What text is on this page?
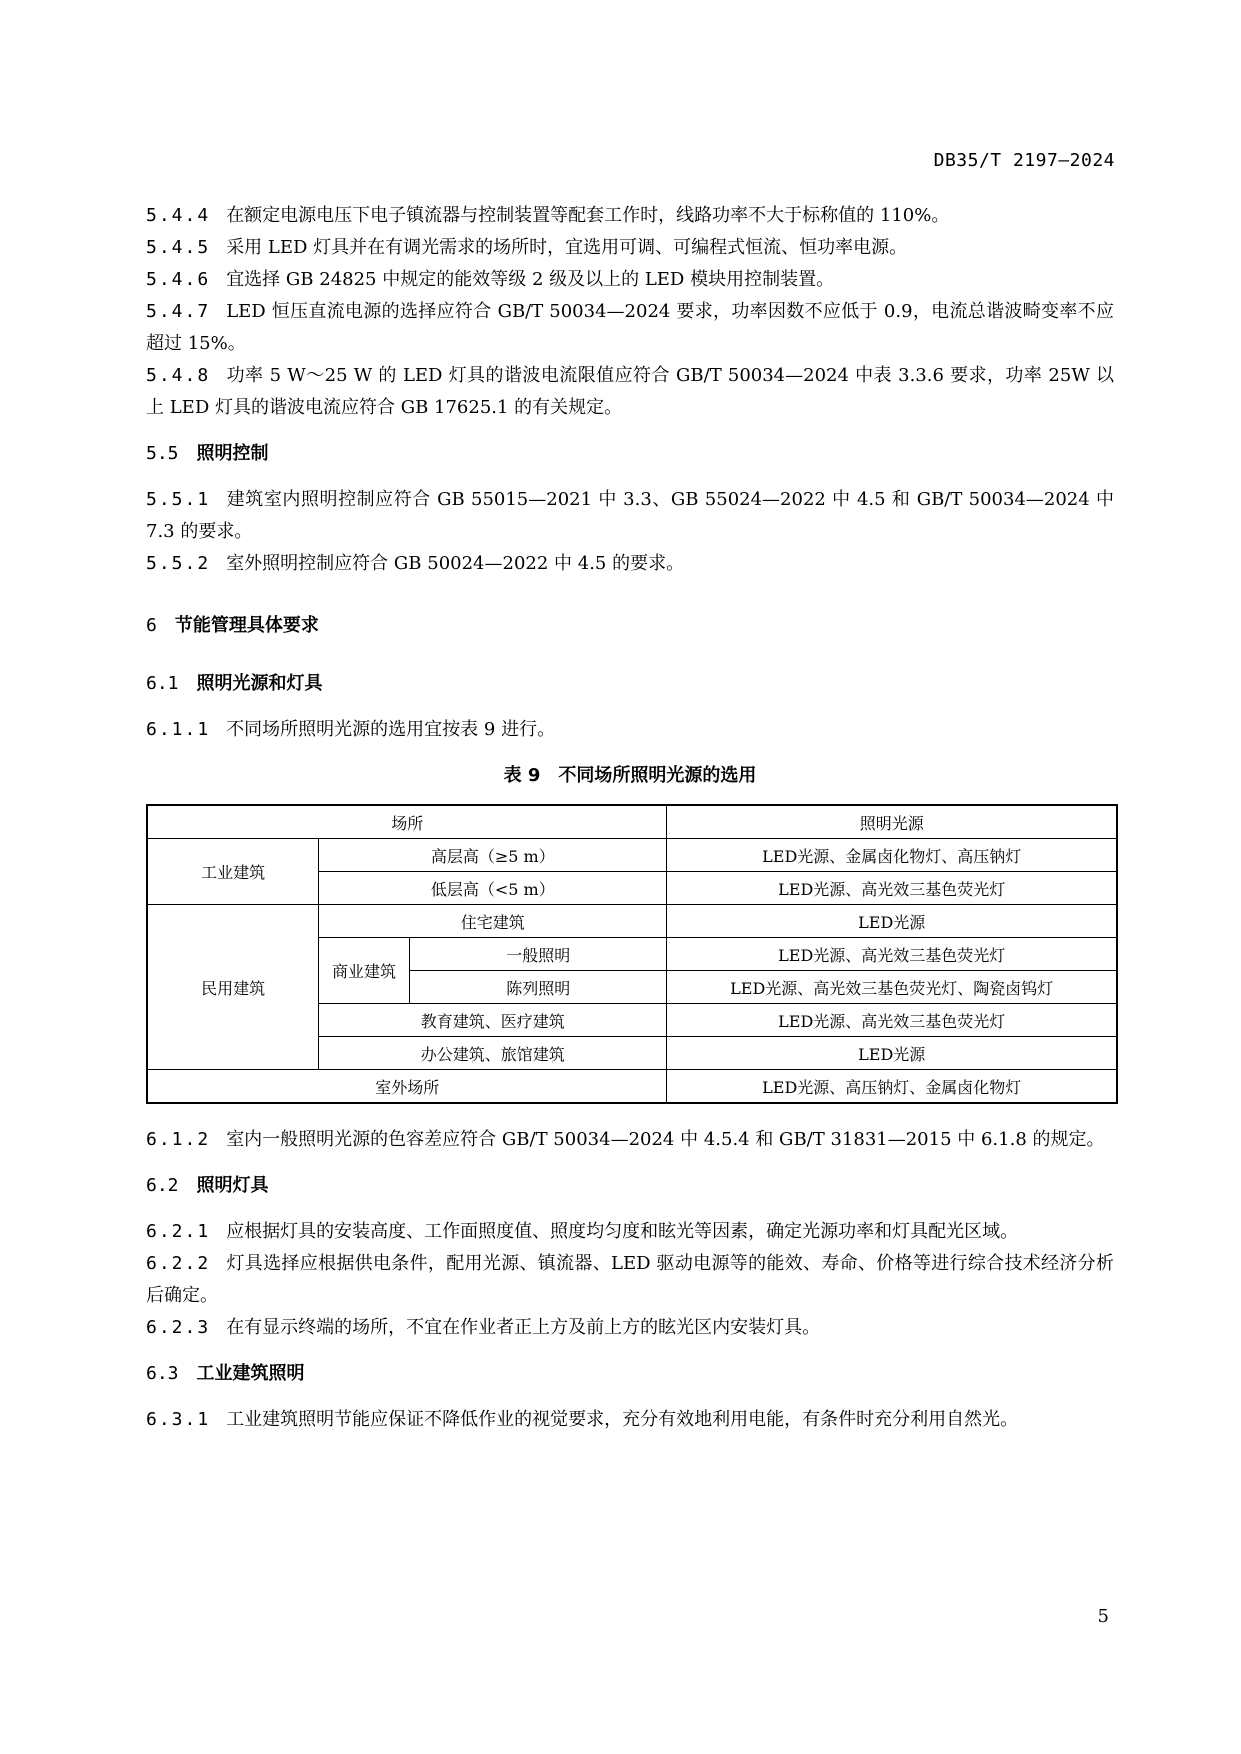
DB35/T 2197—2024

5.4.4 在额定电源电压下电子镇流器与控制装置等配套工作时，线路功率不大于标称值的 110%。

5.4.5 采用 LED 灯具并在有调光需求的场所时，宜选用可调、可编程式恒流、恒功率电源。

5.4.6 宜选择 GB 24825 中规定的能效等级 2 级及以上的 LED 模块用控制装置。

5.4.7 LED 恒压直流电源的选择应符合 GB/T 50034—2024 要求，功率因数不应低于 0.9，电流总谐波畸变率不应超过 15%。

5.4.8 功率 5 W～25 W 的 LED 灯具的谐波电流限值应符合 GB/T 50034—2024 中表 3.3.6 要求，功率 25W 以上 LED 灯具的谐波电流应符合 GB 17625.1 的有关规定。

5.5 照明控制

5.5.1 建筑室内照明控制应符合 GB 55015—2021 中 3.3、GB 55024—2022 中 4.5 和 GB/T 50034—2024 中 7.3 的要求。

5.5.2 室外照明控制应符合 GB 50024—2022 中 4.5 的要求。

6 节能管理具体要求

6.1 照明光源和灯具

6.1.1 不同场所照明光源的选用宜按表 9 进行。

表 9 不同场所照明光源的选用

场所			照明光源
工业建筑	高层高（≥5 m）		LED光源、金属卤化物灯、高压钠灯
	低层高（<5 m）		LED光源、高光效三基色荧光灯
民用建筑	住宅建筑		LED光源
	商业建筑	一般照明	LED光源、高光效三基色荧光灯
		陈列照明	LED光源、高光效三基色荧光灯、陶瓷卤钨灯
	教育建筑、医疗建筑		LED光源、高光效三基色荧光灯
	办公建筑、旅馆建筑		LED光源
室外场所			LED光源、高压钠灯、金属卤化物灯

6.1.2 室内一般照明光源的色容差应符合 GB/T 50034—2024 中 4.5.4 和 GB/T 31831—2015 中 6.1.8 的规定。

6.2 照明灯具

6.2.1 应根据灯具的安装高度、工作面照度值、照度均匀度和眩光等因素，确定光源功率和灯具配光区域。

6.2.2 灯具选择应根据供电条件，配用光源、镇流器、LED 驱动电源等的能效、寿命、价格等进行综合技术经济分析后确定。

6.2.3 在有显示终端的场所，不宜在作业者正上方及前上方的眩光区内安装灯具。

6.3 工业建筑照明

6.3.1 工业建筑照明节能应保证不降低作业的视觉要求，充分有效地利用电能，有条件时充分利用自然光。

5
